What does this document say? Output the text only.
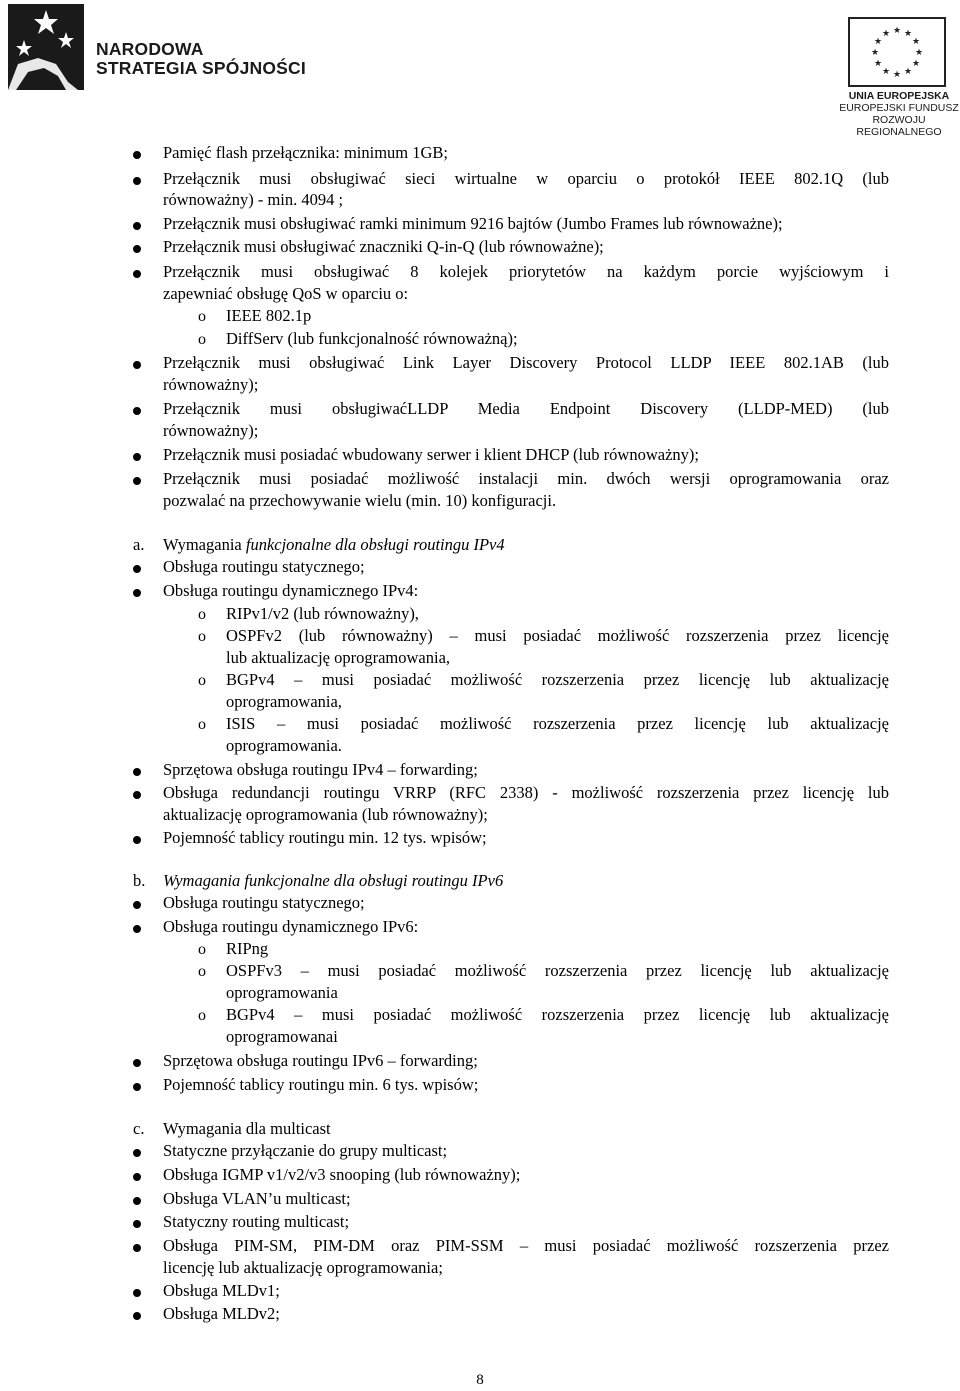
NARODOWA
STRATEGIA SPÓJNOŚCI
★ ★
★
★
★
★
★
★
★
★
★
★
UNIA EUROPEJSKA
EUROPEJSKI FUNDUSZ
ROZWOJU REGIONALNEGO
Pamięć flash przełącznika: minimum 1GB;
Przełącznik musi obsługiwać sieci wirtualne w oparciu o protokół IEEE 802.1Q (lub
równoważny) - min. 4094 ;
Przełącznik musi obsługiwać ramki minimum 9216 bajtów (Jumbo Frames lub równoważne);
Przełącznik musi obsługiwać znaczniki Q-in-Q (lub równoważne);
Przełącznik musi obsługiwać 8 kolejek priorytetów na każdym porcie wyjściowym i
zapewniać obsługę QoS w oparciu o:
o IEEE 802.1p
o DiffServ (lub funkcjonalność równoważną);
Przełącznik musi obsługiwać Link Layer Discovery Protocol LLDP IEEE 802.1AB (lub
równoważny);
Przełącznik musi obsługiwaćLLDP Media Endpoint Discovery (LLDP-MED) (lub
równoważny);
Przełącznik musi posiadać wbudowany serwer i klient DHCP (lub równoważny);
Przełącznik musi posiadać możliwość instalacji min. dwóch wersji oprogramowania oraz
pozwalać na przechowywanie wielu (min. 10) konfiguracji.
a. Wymagania funkcjonalne dla obsługi routingu IPv4
Obsługa routingu statycznego;
Obsługa routingu dynamicznego IPv4:
o RIPv1/v2 (lub równoważny),
o OSPFv2 (lub równoważny) – musi posiadać możliwość rozszerzenia przez licencję
lub aktualizację oprogramowania,
o BGPv4 – musi posiadać możliwość rozszerzenia przez licencję lub aktualizację
oprogramowania,
o ISIS – musi posiadać możliwość rozszerzenia przez licencję lub aktualizację
oprogramowania.
Sprzętowa obsługa routingu IPv4 – forwarding;
Obsługa redundancji routingu VRRP (RFC 2338) - możliwość rozszerzenia przez licencję lub
aktualizację oprogramowania (lub równoważny);
Pojemność tablicy routingu min. 12 tys. wpisów;
b. Wymagania funkcjonalne dla obsługi routingu IPv6
Obsługa routingu statycznego;
Obsługa routingu dynamicznego IPv6:
o RIPng
o OSPFv3 – musi posiadać możliwość rozszerzenia przez licencję lub aktualizację
oprogramowania
o BGPv4 – musi posiadać możliwość rozszerzenia przez licencję lub aktualizację
oprogramowanai
Sprzętowa obsługa routingu IPv6 – forwarding;
Pojemność tablicy routingu min. 6 tys. wpisów;
c. Wymagania dla multicast
Statyczne przyłączanie do grupy multicast;
Obsługa IGMP v1/v2/v3 snooping (lub równoważny);
Obsługa VLAN’u multicast;
Statyczny routing multicast;
Obsługa PIM-SM, PIM-DM oraz PIM-SSM – musi posiadać możliwość rozszerzenia przez
licencję lub aktualizację oprogramowania;
Obsługa MLDv1;
Obsługa MLDv2;
8
